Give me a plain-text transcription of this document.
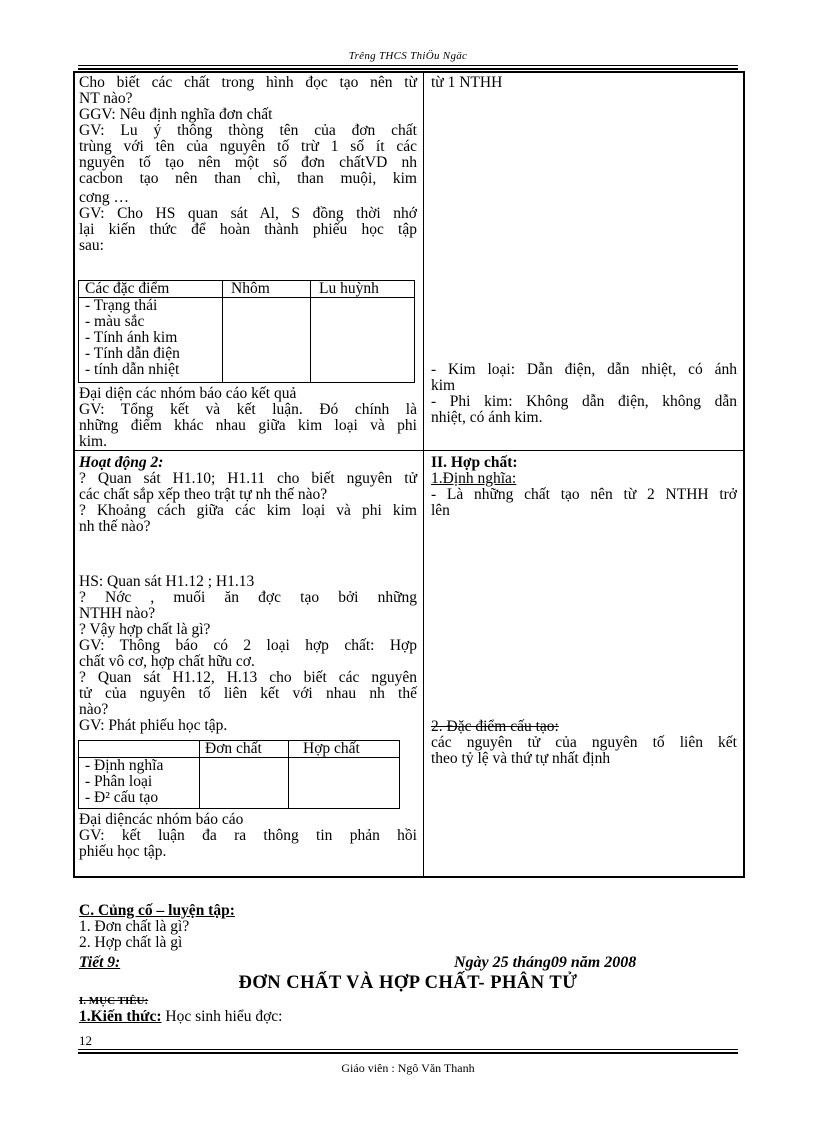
Trêng THCS ThiÖu Ngäc
Cho biết các chất trong hình đọc tạo nên từ
NT nào?
GGV: Nêu định nghĩa đơn chất
GV: Lu ý thông thòng tên của đơn chất
trùng với tên của nguyên tố trừ 1 số ít các
nguyên tố tạo nên một số đơn chấtVD nh
cacbon tạo nên than chì, than muội, kim
cơng …
GV: Cho HS quan sát Al, S đồng thời nhớ
lại kiến thức để hoàn thành phiếu học tập
sau:
Các đặc điểm	Nhôm	Lu huỳnh

- Trạng thái
- màu sắc
- Tính ánh kim
- Tính dẫn điện
- tính dẫn nhiệt		

Đại diện các nhóm báo cáo kết quả
GV: Tổng kết và kết luận. Đó chính là
những điểm khác nhau giữa kim loại và phi
kim.
từ 1 NTHH
- Kim loại: Dẫn điện, dẫn nhiệt, có ánh
kim
- Phi kim: Không dẫn điện, không dẫn
nhiệt, có ánh kim.
Hoạt động 2:
? Quan sát H1.10; H1.11 cho biết nguyên tử
các chất sắp xếp theo trật tự nh thế nào?
? Khoảng cách giữa các kim loại và phi kim
nh thế nào?
HS: Quan sát H1.12 ; H1.13
? Nớc , muối ăn đợc tạo bởi những
NTHH nào?
? Vậy hợp chất là gì?
GV: Thông báo có 2 loại hợp chất: Hợp
chất vô cơ, hợp chất hữu cơ.
? Quan sát H1.12, H.13 cho biết các nguyên
tử của nguyên tố liên kết với nhau nh thế
nào?
GV: Phát phiếu học tập.
	Đơn chất	Hợp chất

- Định nghĩa
- Phân loại
- Đ² cấu tạo		

Đại diệncác nhóm báo cáo
GV: kết luận đa ra thông tin phản hồi
phiếu học tập.
II. Hợp chất:
1.Định nghĩa:
- Là những chất tạo nên từ 2 NTHH trở
lên
2. Đặc điểm cấu tạo:
các nguyên tử của nguyên tố liên kết
theo tỷ lệ và thứ tự nhất định
C. Củng cố – luyện tập:
1. Đơn chất là gì?
2. Hợp chất là gì
Tiết 9:	Ngày 25 tháng09 năm 2008
ĐƠN CHẤT VÀ HỢP CHẤT- PHÂN TỬ
I. MỤC TIÊU:
1.Kiến thức: Học sinh hiểu đợc:
12
Giáo viên : Ngô Văn Thanh
